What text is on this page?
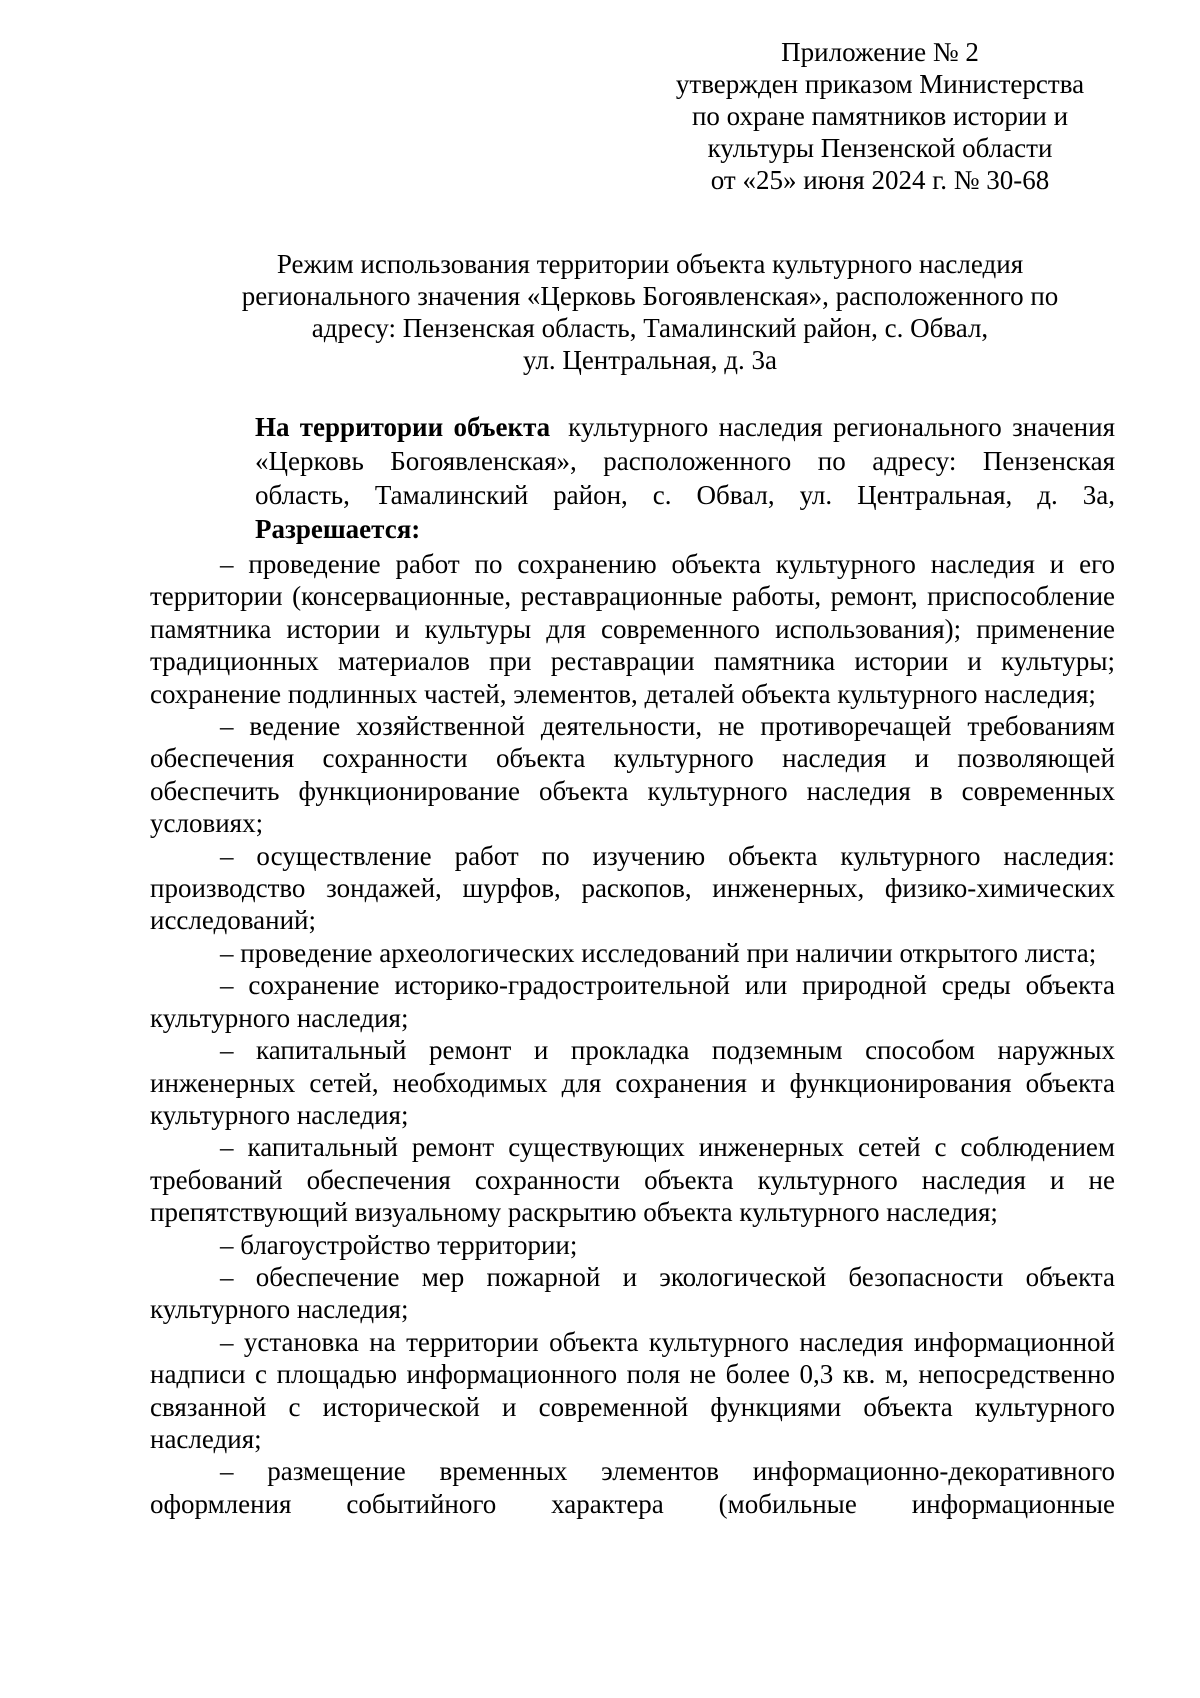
Приложение № 2
утвержден приказом Министерства
по охране памятников истории и
культуры Пензенской области
от «25» июня 2024 г. № 30-68
Режим использования территории объекта культурного наследия
регионального значения «Церковь Богоявленская», расположенного по
адресу: Пензенская область, Тамалинский район, с. Обвал,
ул. Центральная, д. 3а

На территории объекта культурного наследия регионального значения «Церковь Богоявленская», расположенного по адресу: Пензенская область, Тамалинский район, с. Обвал, ул. Центральная, д. 3а, Разрешается:

– проведение работ по сохранению объекта культурного наследия и его территории (консервационные, реставрационные работы, ремонт, приспособление памятника истории и культуры для современного использования); применение традиционных материалов при реставрации памятника истории и культуры; сохранение подлинных частей, элементов, деталей объекта культурного наследия;

– ведение хозяйственной деятельности, не противоречащей требованиям обеспечения сохранности объекта культурного наследия и позволяющей обеспечить функционирование объекта культурного наследия в современных условиях;

– осуществление работ по изучению объекта культурного наследия: производство зондажей, шурфов, раскопов, инженерных, физико-химических исследований;

– проведение археологических исследований при наличии открытого листа;

– сохранение историко-градостроительной или природной среды объекта культурного наследия;

– капитальный ремонт и прокладка подземным способом наружных инженерных сетей, необходимых для сохранения и функционирования объекта культурного наследия;

– капитальный ремонт существующих инженерных сетей с соблюдением требований обеспечения сохранности объекта культурного наследия и не препятствующий визуальному раскрытию объекта культурного наследия;

– благоустройство территории;

– обеспечение мер пожарной и экологической безопасности объекта культурного наследия;

– установка на территории объекта культурного наследия информационной надписи с площадью информационного поля не более 0,3 кв. м, непосредственно связанной с исторической и современной функциями объекта культурного наследия;

– размещение временных элементов информационно-декоративного оформления событийного характера (мобильные информационные
